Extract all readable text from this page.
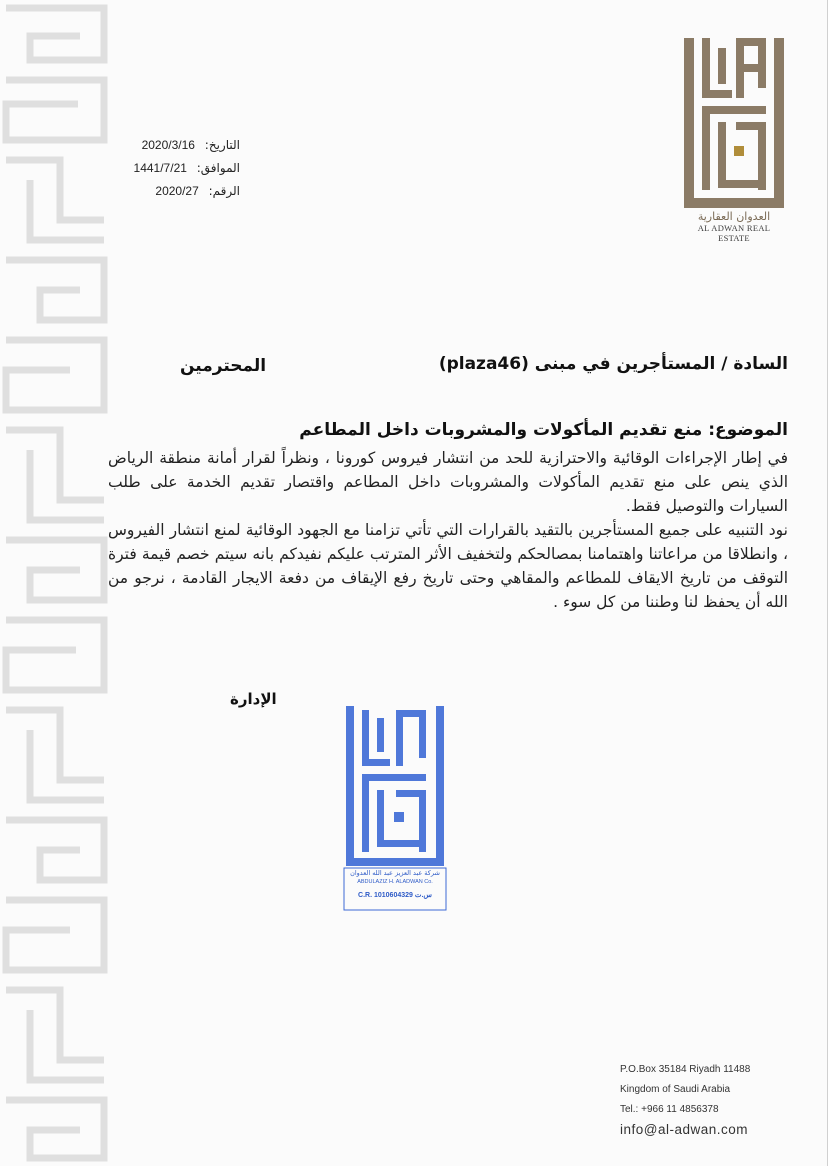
العدوان العقارية
AL ADWAN REAL ESTATE
التاريخ: 2020/3/16
الموافق: 1441/7/21
الرقم: 2020/27
السادة / المستأجرين في مبنى (plaza46)
المحترمين
الموضوع: منع تقديم المأكولات والمشروبات داخل المطاعم

في إطار الإجراءات الوقائية والاحترازية للحد من انتشار فيروس كورونا ، ونظراً لقرار أمانة منطقة الرياض الذي ينص على منع تقديم المأكولات والمشروبات داخل المطاعم واقتصار تقديم الخدمة على طلب السيارات والتوصيل فقط.

نود التنبيه على جميع المستأجرين بالتقيد بالقرارات التي تأتي تزامنا مع الجهود الوقائية لمنع انتشار الفيروس ، وانطلاقا من مراعاتنا واهتمامنا بمصالحكم ولتخفيف الأثر المترتب عليكم نفيدكم بانه سيتم خصم قيمة فترة التوقف من تاريخ الايقاف للمطاعم والمقاهي وحتى تاريخ رفع الإيقاف من دفعة الايجار القادمة ، نرجو من الله أن يحفظ لنا وطننا من كل سوء .

الإدارة
شركة عبد العزيز عبد الله العدوان
ABDULAZIZ H. ALADWAN Co.
C.R. 1010604329 س.ت
P.O.Box 35184 Riyadh 11488
Kingdom of Saudi Arabia
Tel.: +966 11 4856378
info@al-adwan.com
